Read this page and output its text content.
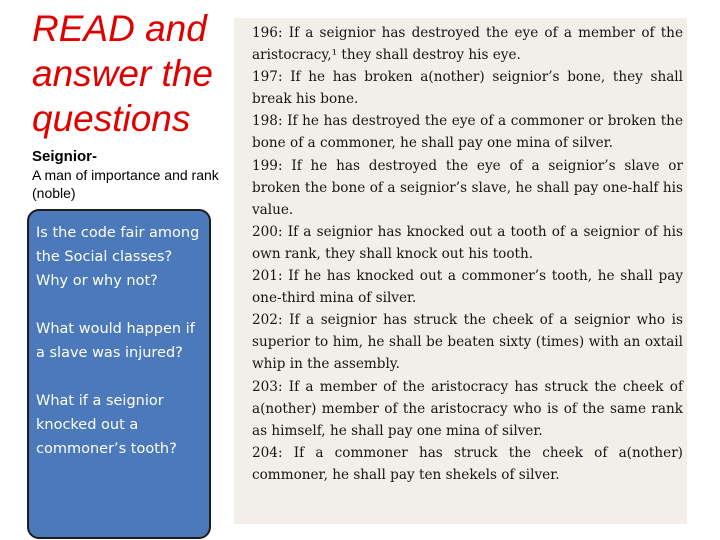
READ and
answer the
questions
Seignior-
A man of importance and rank (noble)

Is the code fair among the Social classes? Why or why not?

What would happen if a slave was injured?

What if a seignior knocked out a commoner’s tooth?

196: If a seignior has destroyed the eye of a member of the aristocracy,¹ they shall destroy his eye.

197: If he has broken a(nother) seignior’s bone, they shall break his bone.

198: If he has destroyed the eye of a commoner or broken the bone of a commoner, he shall pay one mina of silver.

199: If he has destroyed the eye of a seignior’s slave or broken the bone of a seignior’s slave, he shall pay one-half his value.

200: If a seignior has knocked out a tooth of a seignior of his own rank, they shall knock out his tooth.

201: If he has knocked out a commoner’s tooth, he shall pay one-third mina of silver.

202: If a seignior has struck the cheek of a seignior who is superior to him, he shall be beaten sixty (times) with an oxtail whip in the assembly.

203: If a member of the aristocracy has struck the cheek of a(nother) member of the aristocracy who is of the same rank as himself, he shall pay one mina of silver.

204: If a commoner has struck the cheek of a(nother) commoner, he shall pay ten shekels of silver.
